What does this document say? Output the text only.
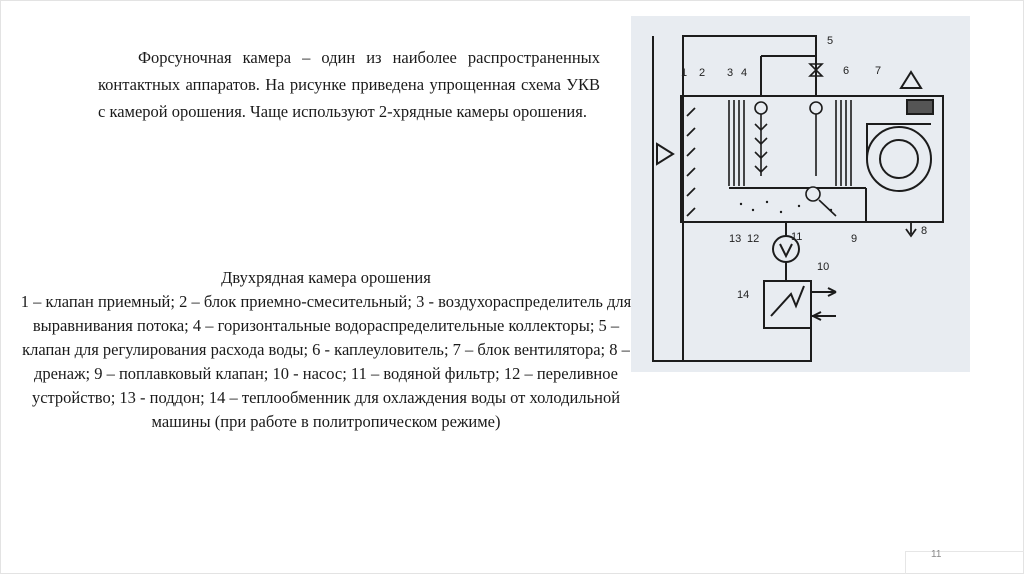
Форсуночная камера – один из наиболее распространенных контактных аппаратов. На рисунке приведена упрощенная схема УКВ с камерой орошения. Чаще используют 2-хрядные камеры орошения.

Двухрядная камера орошения
1 – клапан приемный; 2 – блок приемно-смесительный; 3 - воздухораспределитель для выравнивания потока; 4 – горизонтальные водораспределительные коллекторы; 5 – клапан для регулирования расхода воды; 6 - каплеуловитель; 7 – блок вентилятора; 8 – дренаж; 9 – поплавковый клапан; 10 - насос; 11 – водяной фильтр; 12 – переливное устройство; 13 - поддон; 14 – теплообменник для охлаждения воды от холодильной машины (при работе в политропическом режиме)
1 2 3 4
5
6 7
8
9
10
11
12
13
14
11
